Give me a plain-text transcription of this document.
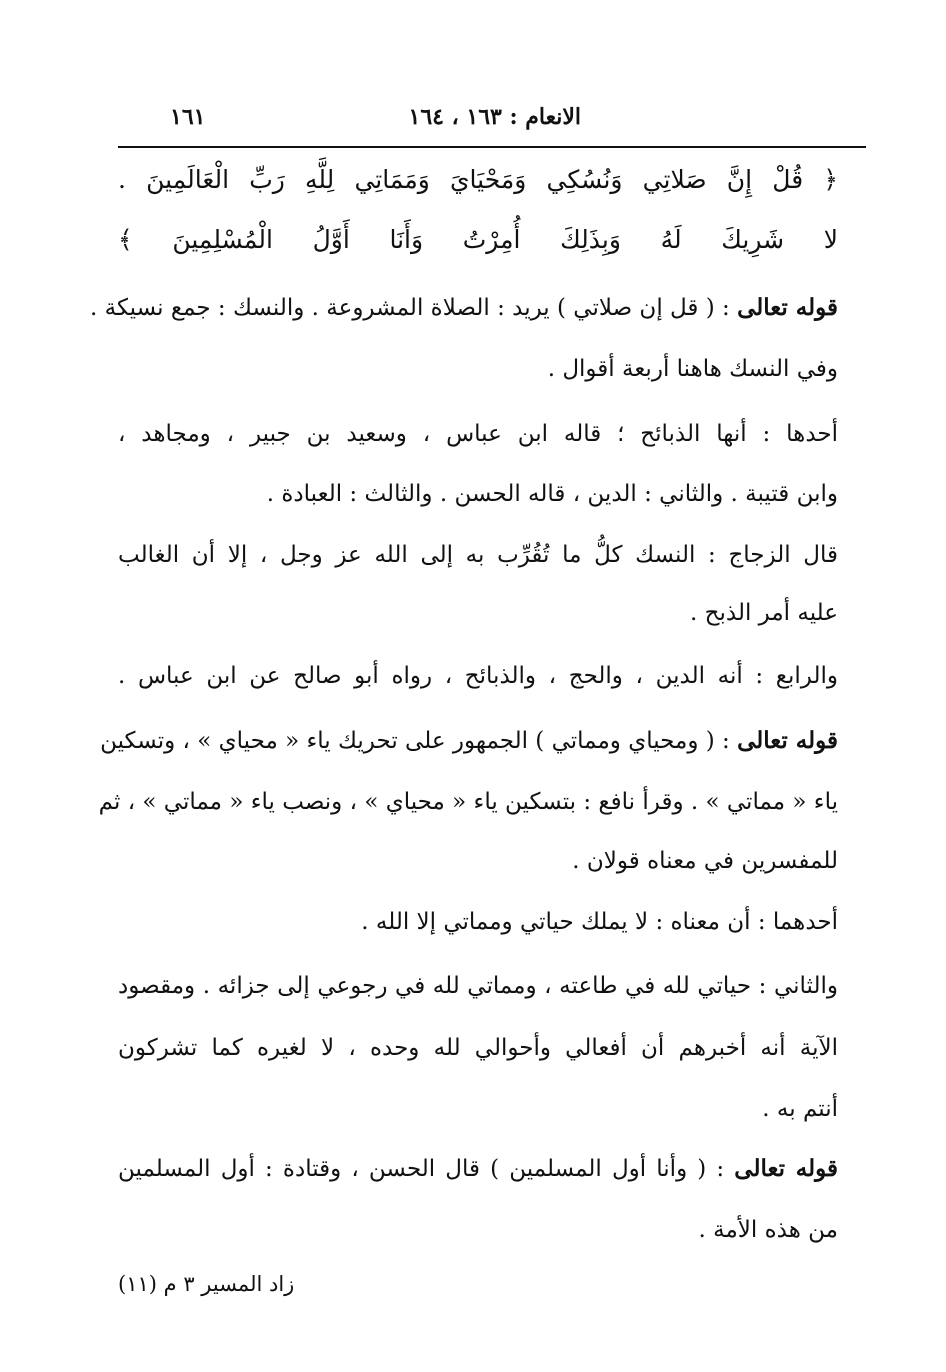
الانعام : ١٦٣ ، ١٦٤
١٦١
﴿ قُلْ إِنَّ صَلاتِي وَنُسُكِي وَمَحْيَايَ وَمَمَاتِي لِلَّهِ رَبِّ الْعَالَمِينَ .
لا شَرِيكَ لَهُ وَبِذَلِكَ أُمِرْتُ وَأَنَا أَوَّلُ الْمُسْلِمِينَ ﴾
قوله تعالى : ( قل إن صلاتي ) يريد : الصلاة المشروعة . والنسك : جمع نسيكة .
وفي النسك هاهنا أربعة أقوال .
أحدها : أنها الذبائح ؛ قاله ابن عباس ، وسعيد بن جبير ، ومجاهد ،
وابن قتيبة . والثاني : الدين ، قاله الحسن . والثالث : العبادة .
قال الزجاج : النسك كلُّ ما تُقُرِّب به إلى الله عز وجل ، إلا أن الغالب
عليه أمر الذبح .
والرابع : أنه الدين ، والحج ، والذبائح ، رواه أبو صالح عن ابن عباس .
قوله تعالى : ( ومحياي ومماتي ) الجمهور على تحريك ياء « محياي » ، وتسكين
ياء « مماتي » . وقرأ نافع : بتسكين ياء « محياي » ، ونصب ياء « مماتي » ، ثم
للمفسرين في معناه قولان .
أحدهما : أن معناه : لا يملك حياتي ومماتي إلا الله .
والثاني : حياتي لله في طاعته ، ومماتي لله في رجوعي إلى جزائه . ومقصود
الآية أنه أخبرهم أن أفعالي وأحوالي لله وحده ، لا لغيره كما تشركون
أنتم به .
قوله تعالى : ( وأنا أول المسلمين ) قال الحسن ، وقتادة : أول المسلمين
من هذه الأمة .
زاد المسير ٣ م (١١)
